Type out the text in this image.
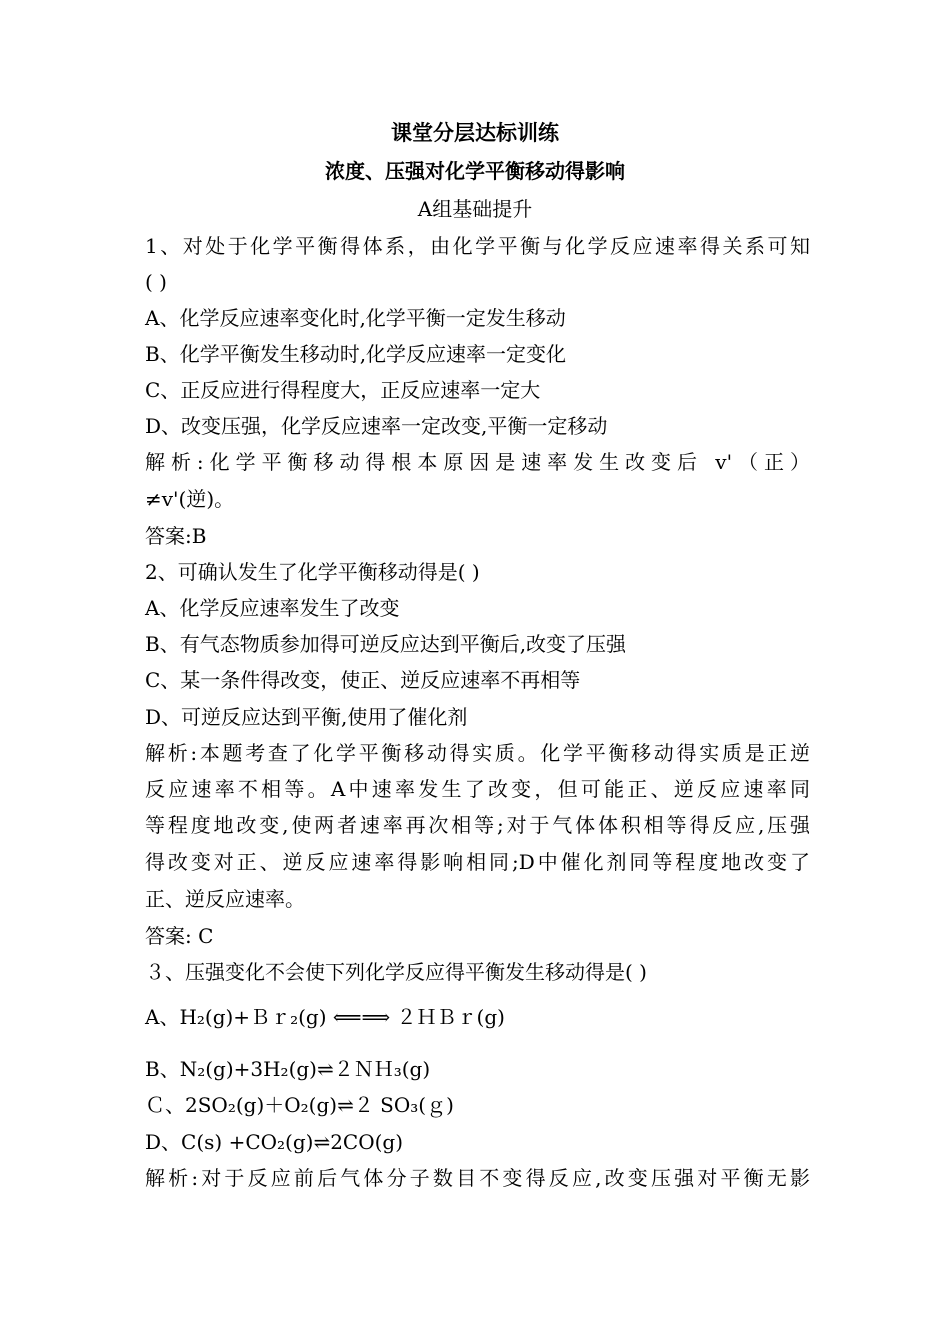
课堂分层达标训练
浓度、压强对化学平衡移动得影响
A组基础提升
1、对处于化学平衡得体系，由化学平衡与化学反应速率得关系可知
( )
A、化学反应速率变化时,化学平衡一定发生移动
B、化学平衡发生移动时,化学反应速率一定变化
C、正反应进行得程度大，正反应速率一定大
D、改变压强，化学反应速率一定改变,平衡一定移动
解析:化学平衡移动得根本原因是速率发生改变后 v'（正）
≠v'(逆)。
答案:B
2、可确认发生了化学平衡移动得是( )
A、化学反应速率发生了改变
B、有气态物质参加得可逆反应达到平衡后,改变了压强
C、某一条件得改变，使正、逆反应速率不再相等
D、可逆反应达到平衡,使用了催化剂
解析:本题考查了化学平衡移动得实质。化学平衡移动得实质是正逆
反应速率不相等。A中速率发生了改变，但可能正、逆反应速率同
等程度地改变,使两者速率再次相等;对于气体体积相等得反应,压强
得改变对正、逆反应速率得影响相同;D中催化剂同等程度地改变了
正、逆反应速率。
答案: C
３、压强变化不会使下列化学反应得平衡发生移动得是( )
A、H₂(g)+Ｂｒ₂(g) ⟸⟹ ２ＨＢｒ(g)
B、N₂(g)+3H₂(g)⇌２ＮＨ₃(g)
Ｃ、2SO₂(g)＋O₂(g)⇌２ SO₃(ｇ)
D、C(s) +CO₂(g)⇌2CO(g)
解析:对于反应前后气体分子数目不变得反应,改变压强对平衡无影
